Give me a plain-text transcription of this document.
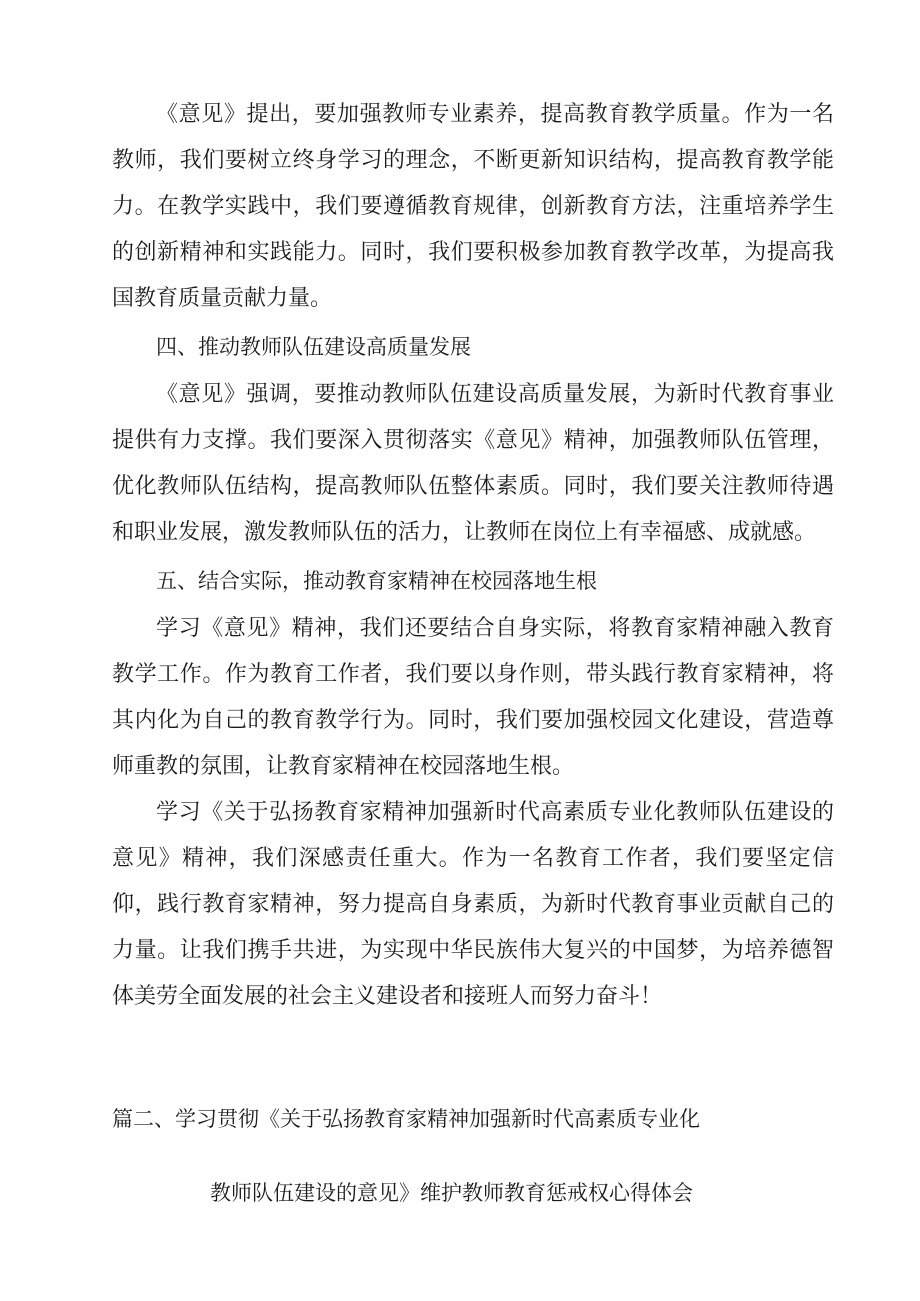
《意见》提出，要加强教师专业素养，提高教育教学质量。作为一名教师，我们要树立终身学习的理念，不断更新知识结构，提高教育教学能力。在教学实践中，我们要遵循教育规律，创新教育方法，注重培养学生的创新精神和实践能力。同时，我们要积极参加教育教学改革，为提高我国教育质量贡献力量。

四、推动教师队伍建设高质量发展

《意见》强调，要推动教师队伍建设高质量发展，为新时代教育事业提供有力支撑。我们要深入贯彻落实《意见》精神，加强教师队伍管理，优化教师队伍结构，提高教师队伍整体素质。同时，我们要关注教师待遇和职业发展，激发教师队伍的活力，让教师在岗位上有幸福感、成就感。

五、结合实际，推动教育家精神在校园落地生根

学习《意见》精神，我们还要结合自身实际，将教育家精神融入教育教学工作。作为教育工作者，我们要以身作则，带头践行教育家精神，将其内化为自己的教育教学行为。同时，我们要加强校园文化建设，营造尊师重教的氛围，让教育家精神在校园落地生根。

学习《关于弘扬教育家精神加强新时代高素质专业化教师队伍建设的意见》精神，我们深感责任重大。作为一名教育工作者，我们要坚定信仰，践行教育家精神，努力提高自身素质，为新时代教育事业贡献自己的力量。让我们携手共进，为实现中华民族伟大复兴的中国梦，为培养德智体美劳全面发展的社会主义建设者和接班人而努力奋斗！

篇二、学习贯彻《关于弘扬教育家精神加强新时代高素质专业化
教师队伍建设的意见》维护教师教育惩戒权心得体会
